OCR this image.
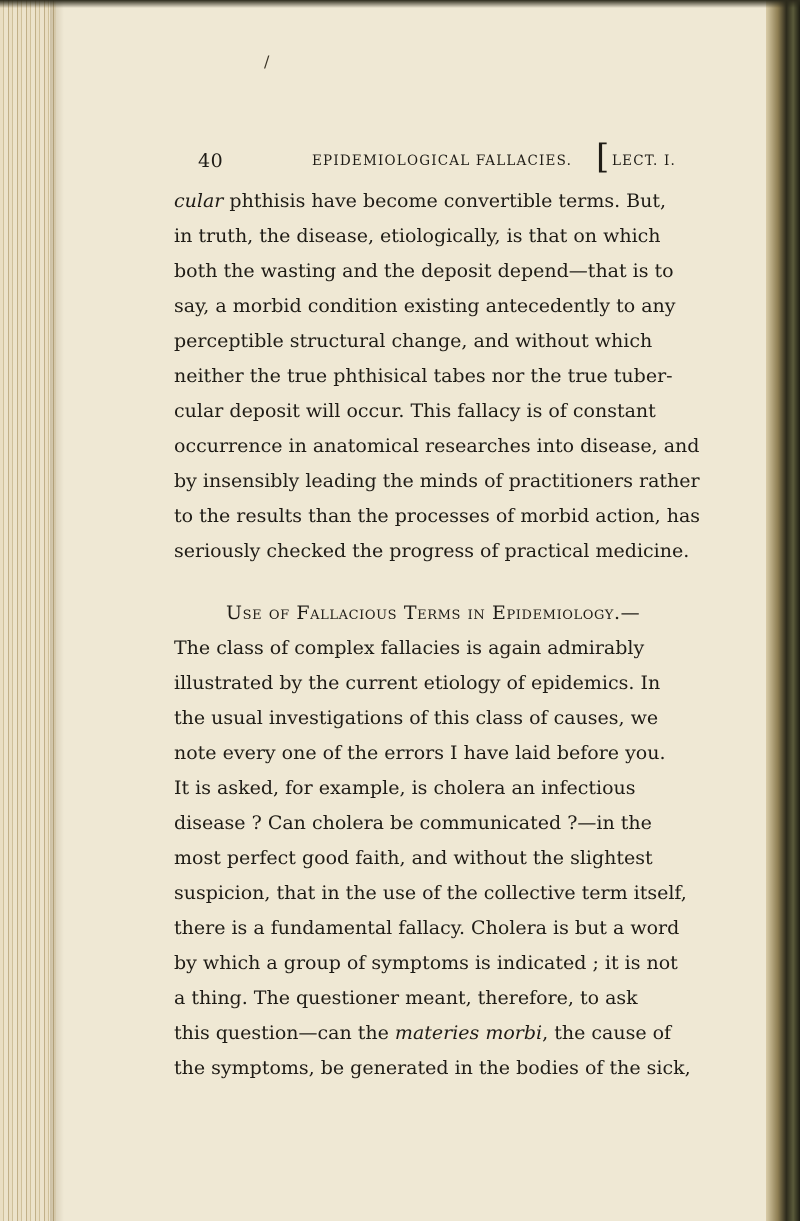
/
40	EPIDEMIOLOGICAL FALLACIES. [ LECT. I.
cular phthisis have become convertible terms. But,
in truth, the disease, etiologically, is that on which
both the wasting and the deposit depend—that is to
say, a morbid condition existing antecedently to any
perceptible structural change, and without which
neither the true phthisical tabes nor the true tuber-
cular deposit will occur. This fallacy is of constant
occurrence in anatomical researches into disease, and
by insensibly leading the minds of practitioners rather
to the results than the processes of morbid action, has
seriously checked the progress of practical medicine.
Use of Fallacious Terms in Epidemiology.—
The class of complex fallacies is again admirably
illustrated by the current etiology of epidemics. In
the usual investigations of this class of causes, we
note every one of the errors I have laid before you.
It is asked, for example, is cholera an infectious
disease ? Can cholera be communicated ?—in the
most perfect good faith, and without the slightest
suspicion, that in the use of the collective term itself,
there is a fundamental fallacy. Cholera is but a word
by which a group of symptoms is indicated ; it is not
a thing. The questioner meant, therefore, to ask
this question—can the materies morbi, the cause of
the symptoms, be generated in the bodies of the sick,
